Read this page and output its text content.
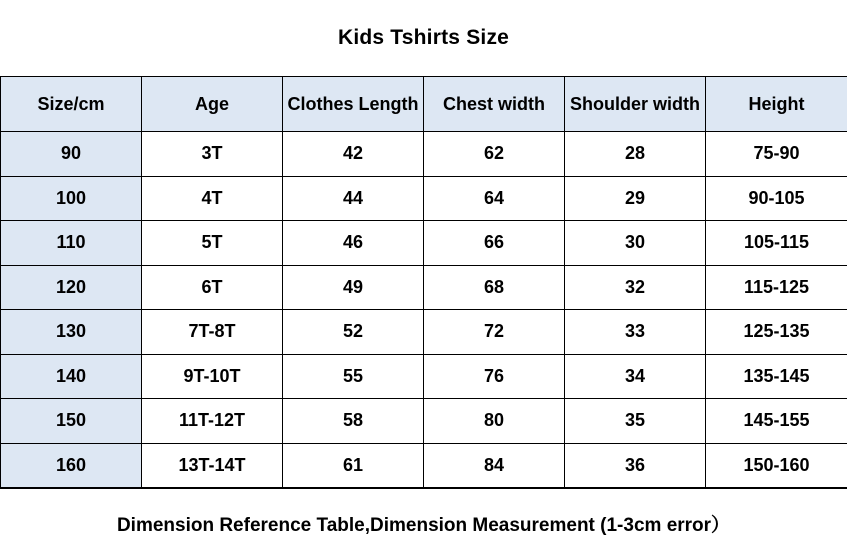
Kids Tshirts Size
Size/cm	Age	Clothes Length	Chest width	Shoulder width	Height
90	3T	42	62	28	75-90
100	4T	44	64	29	90-105
110	5T	46	66	30	105-115
120	6T	49	68	32	115-125
130	7T-8T	52	72	33	125-135
140	9T-10T	55	76	34	135-145
150	11T-12T	58	80	35	145-155
160	13T-14T	61	84	36	150-160
Dimension Reference Table,Dimension Measurement (1-3cm error）
